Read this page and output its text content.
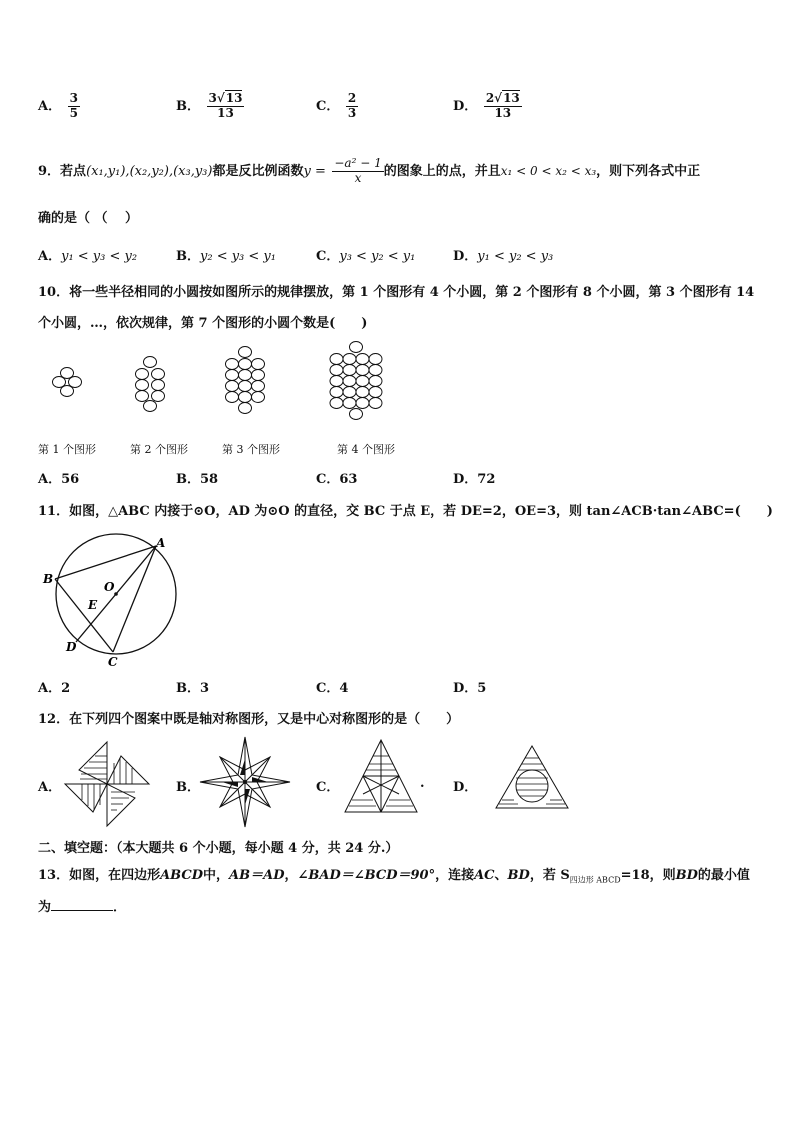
A． $\frac{3}{5}$	B． $\frac{3√13}{13}$	C． $\frac{2}{3}$	D． $\frac{2√13}{13}$
9．若点(x₁,y₁),(x₂,y₂),(x₃,y₃)都是反比例函数$y = \frac{\text{−a² − 1}}{x}$ 的图象上的点，并且x₁ < 0 < x₂ < x₃，则下列各式中正
确的是（ （　 ）
A．y₁ < y₃ < y₂	B．y₂ < y₃ < y₁	C．y₃ < y₂ < y₁	D．y₁ < y₂ < y₃
10．将一些半径相同的小圆按如图所示的规律摆放，第 1 个图形有 4 个小圆，第 2 个图形有 8 个小圆，第 3 个图形有 14
个小圆，…，依次规律，第 7 个图形的小圆个数是(　　)
第 1 个图形	第 2 个图形	第 3 个图形	第 4 个图形
A．56	B．58	C．63	D．72
11．如图，△ABC 内接于⊙O，AD 为⊙O 的直径，交 BC 于点 E，若 DE=2，OE=3，则 tan∠ACB·tan∠ABC=(　　)
A
B
O
E
D
C
A．2	B．3	C．4	D．5
12．在下列四个图案中既是轴对称图形，又是中心对称图形的是（　　）
A．	B．	C．	. D．
二、填空题：（本大题共 6 个小题，每小题 4 分，共 24 分.）
13．如图，在四边形ABCD中，AB＝AD，∠BAD＝∠BCD＝90°，连接AC、BD，若 $S_{四边形 ABCD}=18$，则BD的最小值
为	．
